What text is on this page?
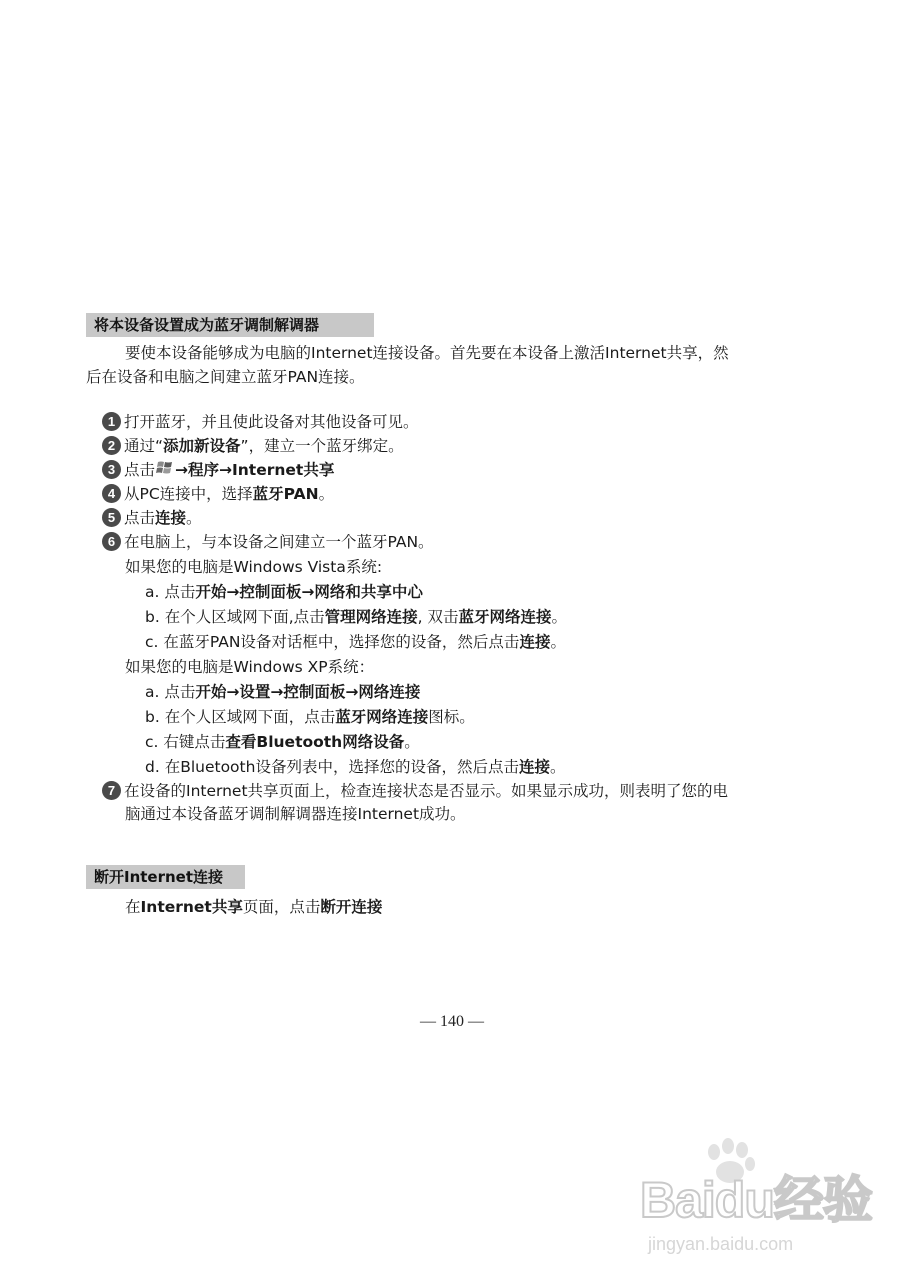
将本设备设置成为蓝牙调制解调器
要使本设备能够成为电脑的Internet连接设备。首先要在本设备上激活Internet共享，然
后在设备和电脑之间建立蓝牙PAN连接。
1 打开蓝牙，并且使此设备对其他设备可见。
2 通过“添加新设备”，建立一个蓝牙绑定。
3 点击 →程序→Internet共享
4 从PC连接中，选择蓝牙PAN。
5 点击连接。
6 在电脑上，与本设备之间建立一个蓝牙PAN。
如果您的电脑是Windows Vista系统:
a. 点击开始→控制面板→网络和共享中心
b. 在个人区域网下面,点击管理网络连接, 双击蓝牙网络连接。
c. 在蓝牙PAN设备对话框中，选择您的设备，然后点击连接。
如果您的电脑是Windows XP系统：
a. 点击开始→设置→控制面板→网络连接
b. 在个人区域网下面，点击蓝牙网络连接图标。
c. 右键点击查看Bluetooth网络设备。
d. 在Bluetooth设备列表中，选择您的设备，然后点击连接。
7 在设备的Internet共享页面上，检查连接状态是否显示。如果显示成功，则表明了您的电
脑通过本设备蓝牙调制解调器连接Internet成功。
断开Internet连接
在Internet共享页面，点击断开连接
— 140 —
Baidu经验
jingyan.baidu.com
